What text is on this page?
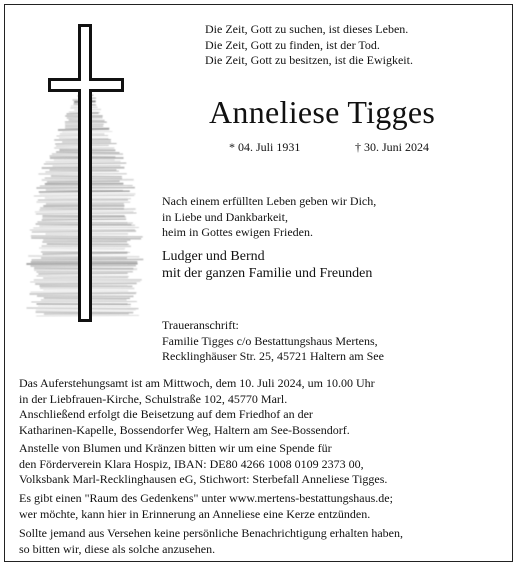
Die Zeit, Gott zu suchen, ist dieses Leben.
Die Zeit, Gott zu finden, ist der Tod.
Die Zeit, Gott zu besitzen, ist die Ewigkeit.
Anneliese Tigges
* 04. Juli 1931	† 30. Juni 2024
Nach einem erfüllten Leben geben wir Dich,
in Liebe und Dankbarkeit,
heim in Gottes ewigen Frieden.
Ludger und Bernd
mit der ganzen Familie und Freunden
Traueranschrift:
Familie Tigges c/o Bestattungshaus Mertens,
Recklinghäuser Str. 25, 45721 Haltern am See
Das Auferstehungsamt ist am Mittwoch, dem 10. Juli 2024, um 10.00 Uhr
in der Liebfrauen-Kirche, Schulstraße 102, 45770 Marl.
Anschließend erfolgt die Beisetzung auf dem Friedhof an der
Katharinen-Kapelle, Bossendorfer Weg, Haltern am See-Bossendorf.
Anstelle von Blumen und Kränzen bitten wir um eine Spende für
den Förderverein Klara Hospiz, IBAN: DE80 4266 1008 0109 2373 00,
Volksbank Marl-Recklinghausen eG, Stichwort: Sterbefall Anneliese Tigges.
Es gibt einen "Raum des Gedenkens" unter www.mertens-bestattungshaus.de;
wer möchte, kann hier in Erinnerung an Anneliese eine Kerze entzünden.
Sollte jemand aus Versehen keine persönliche Benachrichtigung erhalten haben,
so bitten wir, diese als solche anzusehen.
